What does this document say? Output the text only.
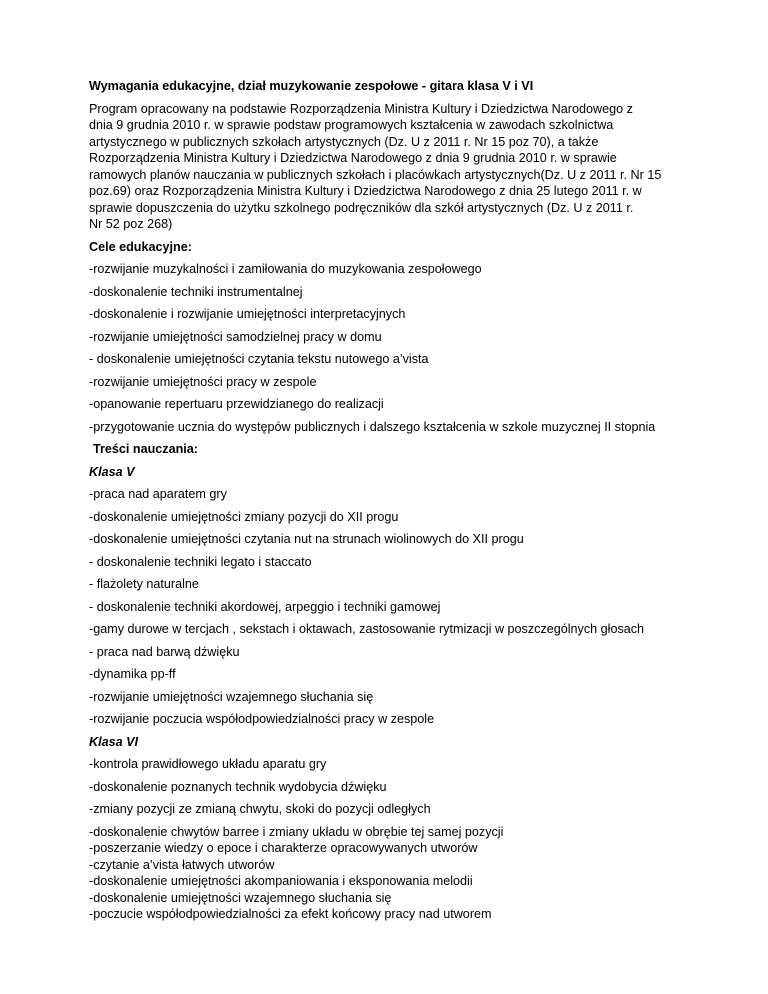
Wymagania edukacyjne, dział muzykowanie zespołowe - gitara klasa V i VI
Program opracowany na podstawie Rozporządzenia Ministra Kultury i Dziedzictwa Narodowego z
dnia 9 grudnia 2010 r. w sprawie podstaw programowych kształcenia w zawodach szkolnictwa
artystycznego w publicznych szkołach artystycznych (Dz. U z 2011 r. Nr 15 poz 70), a także
Rozporządzenia Ministra Kultury i Dziedzictwa Narodowego z dnia 9 grudnia 2010 r. w sprawie
ramowych planów nauczania w publicznych szkołach i placówkach artystycznych(Dz. U z 2011 r. Nr 15
poz.69) oraz Rozporządzenia Ministra Kultury i Dziedzictwa Narodowego z dnia 25 lutego 2011 r. w
sprawie dopuszczenia do użytku szkolnego podręczników dla szkół artystycznych (Dz. U z 2011 r.
Nr 52 poz 268)
Cele edukacyjne:
-rozwijanie muzykalności i zamiłowania do muzykowania zespołowego
-doskonalenie techniki instrumentalnej
-doskonalenie i rozwijanie umiejętności interpretacyjnych
-rozwijanie umiejętności samodzielnej pracy w domu
- doskonalenie umiejętności czytania tekstu nutowego a’vista
-rozwijanie umiejętności pracy w zespole
-opanowanie repertuaru przewidzianego do realizacji
-przygotowanie ucznia do występów publicznych i dalszego kształcenia w szkole muzycznej II stopnia
Treści nauczania:
Klasa V
-praca nad aparatem gry
-doskonalenie umiejętności zmiany pozycji do XII progu
-doskonalenie umiejętności czytania nut na strunach wiolinowych do XII progu
- doskonalenie techniki legato i staccato
- flażolety naturalne
- doskonalenie techniki akordowej, arpeggio i techniki gamowej
-gamy durowe w tercjach , sekstach i oktawach, zastosowanie rytmizacji w poszczególnych głosach
- praca nad barwą dźwięku
-dynamika pp-ff
-rozwijanie umiejętności wzajemnego słuchania się
-rozwijanie poczucia współodpowiedzialności pracy w zespole
Klasa VI
-kontrola prawidłowego układu aparatu gry
-doskonalenie poznanych technik wydobycia dźwięku
-zmiany pozycji ze zmianą chwytu, skoki do pozycji odległych
-doskonalenie chwytów barree i zmiany układu w obrębie tej samej pozycji
-poszerzanie wiedzy o epoce i charakterze opracowywanych utworów
-czytanie a’vista łatwych utworów
-doskonalenie umiejętności akompaniowania i eksponowania melodii
-doskonalenie umiejętności wzajemnego słuchania się
-poczucie współodpowiedzialności za efekt końcowy pracy nad utworem
